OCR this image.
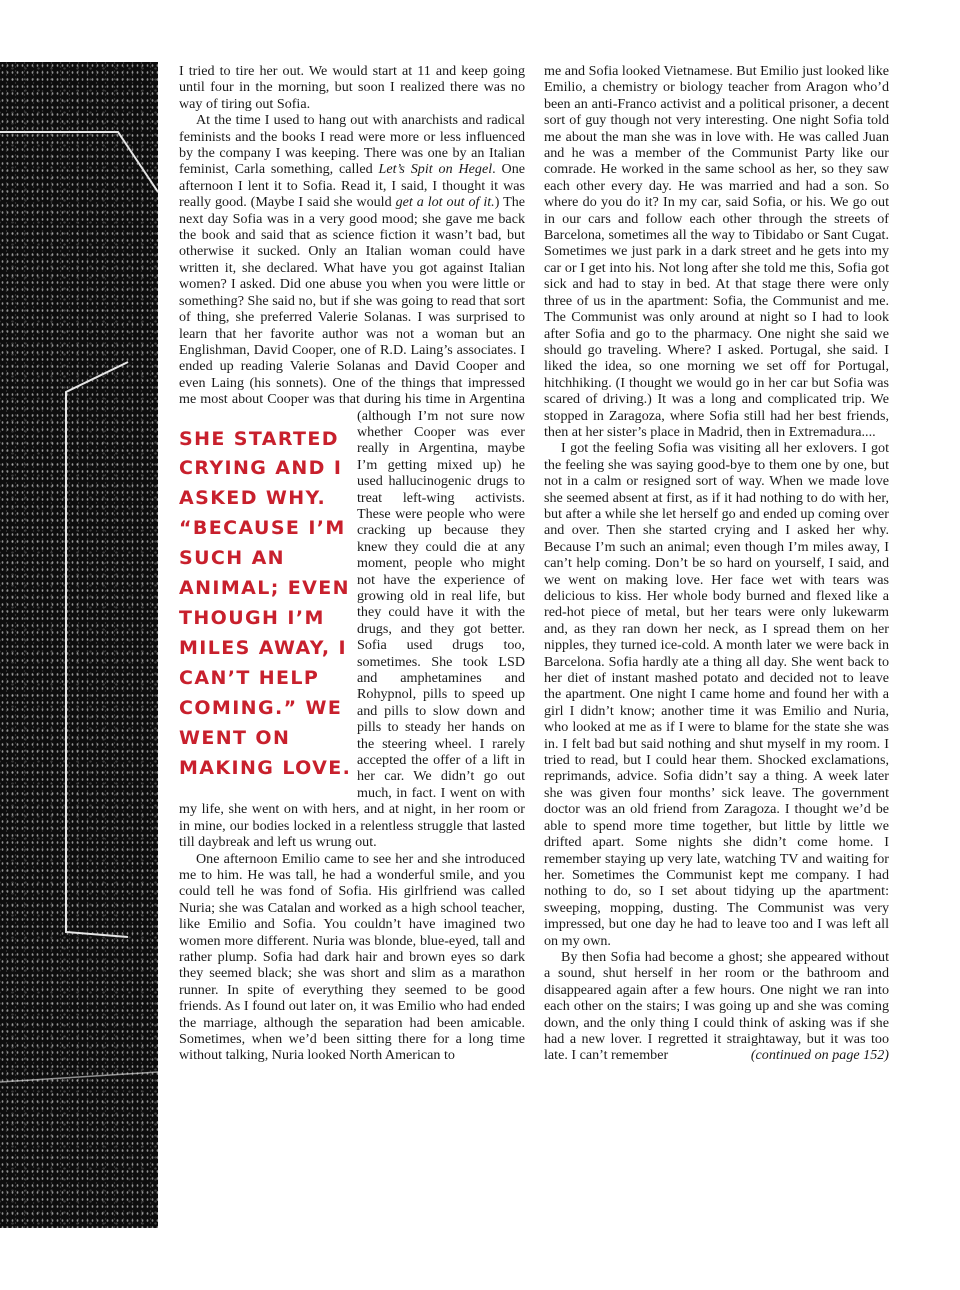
I tried to tire her out. We would start at 11 and keep going until four in the morning, but soon I realized there was no way of tiring out Sofia.

At the time I used to hang out with anarchists and radical feminists and the books I read were more or less influenced by the company I was keeping. There was one by an Italian feminist, Carla something, called Let’s Spit on Hegel. One afternoon I lent it to Sofia. Read it, I said, I thought it was really good. (Maybe I said she would get a lot out of it.) The next day Sofia was in a very good mood; she gave me back the book and said that as science fiction it wasn’t bad, but otherwise it sucked. Only an Italian woman could have written it, she declared. What have you got against Italian women? I asked. Did one abuse you when you were little or something? She said no, but if she was going to read that sort of thing, she preferred Valerie Solanas. I was surprised to learn that her favorite author was not a woman but an Englishman, David Cooper, one of R.D. Laing’s associates. I ended up reading Valerie Solanas and David Cooper and even Laing (his sonnets). One of the things that impressed me most about Cooper was that during his time in Argentina (although I’m
SHE STARTED CRYING AND I ASKED WHY. “BECAUSE I’M SUCH AN ANIMAL; EVEN THOUGH I’M MILES AWAY, I CAN’T HELP COMING.” WE WENT ON MAKING LOVE.
not sure now whether Cooper was ever really in Argentina, maybe I’m getting mixed up) he used hallucinogenic drugs to treat left-wing activists. These were people who were cracking up because they knew they could die at any moment, people who might not have the experience of growing old in real life, but they could have it with the drugs, and they got better. Sofia used drugs too, sometimes. She took LSD and amphetamines and Rohypnol, pills to speed up and pills to slow down and pills to steady her hands on the steering wheel. I rarely accepted the offer of a lift in her car. We didn’t go out much, in fact. I went on with my life, she went on with hers, and at night, in her room or in mine, our bodies locked in a relentless struggle that lasted till daybreak and left us wrung out.

One afternoon Emilio came to see her and she introduced me to him. He was tall, he had a wonderful smile, and you could tell he was fond of Sofia. His girlfriend was called Nuria; she was Catalan and worked as a high school teacher, like Emilio and Sofia. You couldn’t have imagined two women more different. Nuria was blonde, blue-eyed, tall and rather plump. Sofia had dark hair and brown eyes so dark they seemed black; she was short and slim as a marathon runner. In spite of everything they seemed to be good friends. As I found out later on, it was Emilio who had ended the marriage, although the separation had been amicable. Sometimes, when we’d been sitting there for a long time without talking, Nuria looked North American to

me and Sofia looked Vietnamese. But Emilio just looked like Emilio, a chemistry or biology teacher from Aragon who’d been an anti-Franco activist and a political prisoner, a decent sort of guy though not very interesting. One night Sofia told me about the man she was in love with. He was called Juan and he was a member of the Communist Party like our comrade. He worked in the same school as her, so they saw each other every day. He was married and had a son. So where do you do it? In my car, said Sofia, or his. We go out in our cars and follow each other through the streets of Barcelona, sometimes all the way to Tibidabo or Sant Cugat. Sometimes we just park in a dark street and he gets into my car or I get into his. Not long after she told me this, Sofia got sick and had to stay in bed. At that stage there were only three of us in the apartment: Sofia, the Communist and me. The Communist was only around at night so I had to look after Sofia and go to the pharmacy. One night she said we should go traveling. Where? I asked. Portugal, she said. I liked the idea, so one morning we set off for Portugal, hitchhiking. (I thought we would go in her car but Sofia was scared of driving.) It was a long and complicated trip. We stopped in Zaragoza, where Sofia still had her best friends, then at her sister’s place in Madrid, then in Extremadura....

I got the feeling Sofia was visiting all her exlovers. I got the feeling she was saying good-bye to them one by one, but not in a calm or resigned sort of way. When we made love she seemed absent at first, as if it had nothing to do with her, but after a while she let herself go and ended up coming over and over. Then she started crying and I asked her why. Because I’m such an animal; even though I’m miles away, I can’t help coming. Don’t be so hard on yourself, I said, and we went on making love. Her face wet with tears was delicious to kiss. Her whole body burned and flexed like a red-hot piece of metal, but her tears were only lukewarm and, as they ran down her neck, as I spread them on her nipples, they turned ice-cold. A month later we were back in Barcelona. Sofia hardly ate a thing all day. She went back to her diet of instant mashed potato and decided not to leave the apartment. One night I came home and found her with a girl I didn’t know; another time it was Emilio and Nuria, who looked at me as if I were to blame for the state she was in. I felt bad but said nothing and shut myself in my room. I tried to read, but I could hear them. Shocked exclamations, reprimands, advice. Sofia didn’t say a thing. A week later she was given four months’ sick leave. The government doctor was an old friend from Zaragoza. I thought we’d be able to spend more time together, but little by little we drifted apart. Some nights she didn’t come home. I remember staying up very late, watching TV and waiting for her. Sometimes the Communist kept me company. I had nothing to do, so I set about tidying up the apartment: sweeping, mopping, dusting. The Communist was very impressed, but one day he had to leave too and I was left all on my own.

By then Sofia had become a ghost; she appeared without a sound, shut herself in her room or the bathroom and disappeared again after a few hours. One night we ran into each other on the stairs; I was going up and she was coming down, and the only thing I could think of asking was if she had a new lover. I regretted it straightaway, but it was too late. I can’t remember	(continued on page 152)
